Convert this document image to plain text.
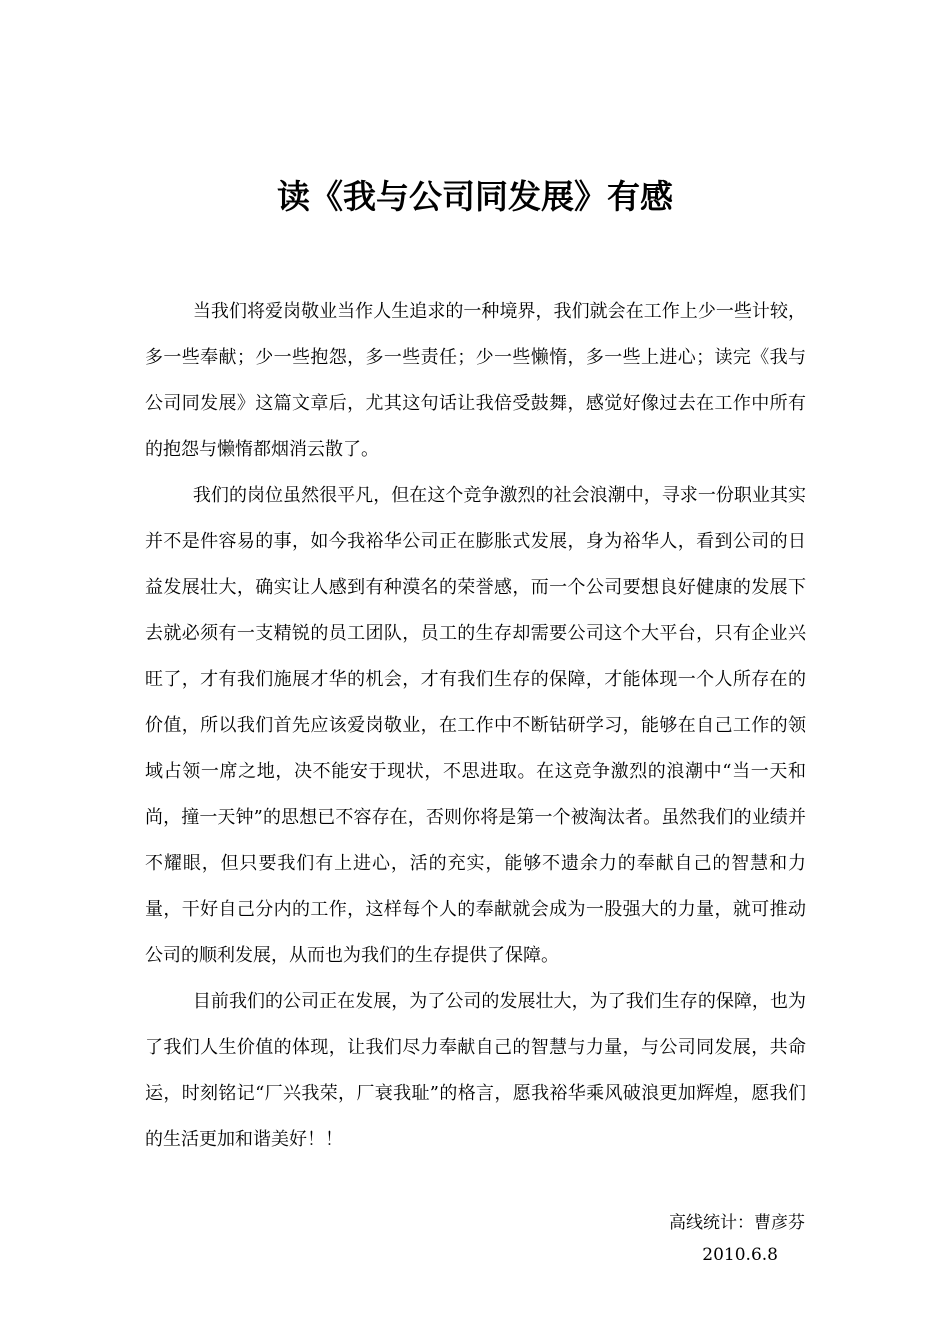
读《我与公司同发展》有感

当我们将爱岗敬业当作人生追求的一种境界，我们就会在工作上少一些计较，多一些奉献；少一些抱怨，多一些责任；少一些懒惰，多一些上进心；读完《我与公司同发展》这篇文章后，尤其这句话让我倍受鼓舞，感觉好像过去在工作中所有的抱怨与懒惰都烟消云散了。

我们的岗位虽然很平凡，但在这个竞争激烈的社会浪潮中，寻求一份职业其实并不是件容易的事，如今我裕华公司正在膨胀式发展，身为裕华人，看到公司的日益发展壮大，确实让人感到有种漠名的荣誉感，而一个公司要想良好健康的发展下去就必须有一支精锐的员工团队，员工的生存却需要公司这个大平台，只有企业兴旺了，才有我们施展才华的机会，才有我们生存的保障，才能体现一个人所存在的价值，所以我们首先应该爱岗敬业，在工作中不断钻研学习，能够在自己工作的领域占领一席之地，决不能安于现状，不思进取。在这竞争激烈的浪潮中“当一天和尚，撞一天钟”的思想已不容存在，否则你将是第一个被淘汰者。虽然我们的业绩并不耀眼，但只要我们有上进心，活的充实，能够不遗余力的奉献自己的智慧和力量，干好自己分内的工作，这样每个人的奉献就会成为一股强大的力量，就可推动公司的顺利发展，从而也为我们的生存提供了保障。

目前我们的公司正在发展，为了公司的发展壮大，为了我们生存的保障，也为了我们人生价值的体现，让我们尽力奉献自己的智慧与力量，与公司同发展，共命运，时刻铭记“厂兴我荣，厂衰我耻”的格言，愿我裕华乘风破浪更加辉煌，愿我们的生活更加和谐美好！！

高线统计：曹彦芬
2010.6.8
